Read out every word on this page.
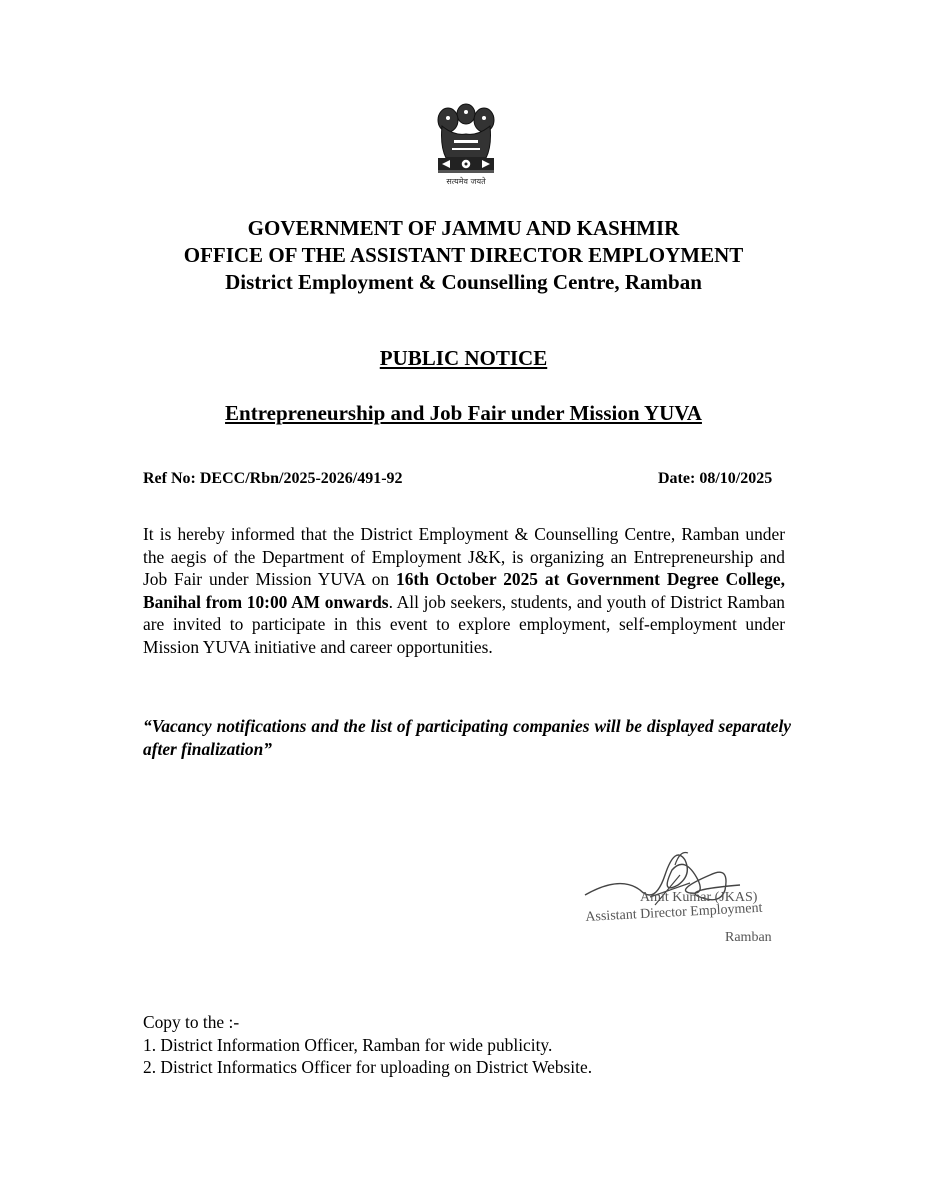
सत्यमेव जयते
GOVERNMENT OF JAMMU AND KASHMIR
OFFICE OF THE ASSISTANT DIRECTOR EMPLOYMENT
District Employment & Counselling Centre, Ramban
PUBLIC NOTICE
Entrepreneurship and Job Fair under Mission YUVA
Ref No: DECC/Rbn/2025-2026/491-92	Date: 08/10/2025
It is hereby informed that the District Employment & Counselling Centre, Ramban under the aegis of the Department of Employment J&K, is organizing an Entrepreneurship and Job Fair under Mission YUVA on 16th October 2025 at Government Degree College, Banihal from 10:00 AM onwards. All job seekers, students, and youth of District Ramban are invited to participate in this event to explore employment, self-employment under Mission YUVA initiative and career opportunities.
“Vacancy notifications and the list of participating companies will be displayed separately after finalization”
Amit Kumar (JKAS)
Assistant Director Employment
Ramban
Copy to the :-
1. District Information Officer, Ramban for wide publicity.
2. District Informatics Officer for uploading on District Website.
